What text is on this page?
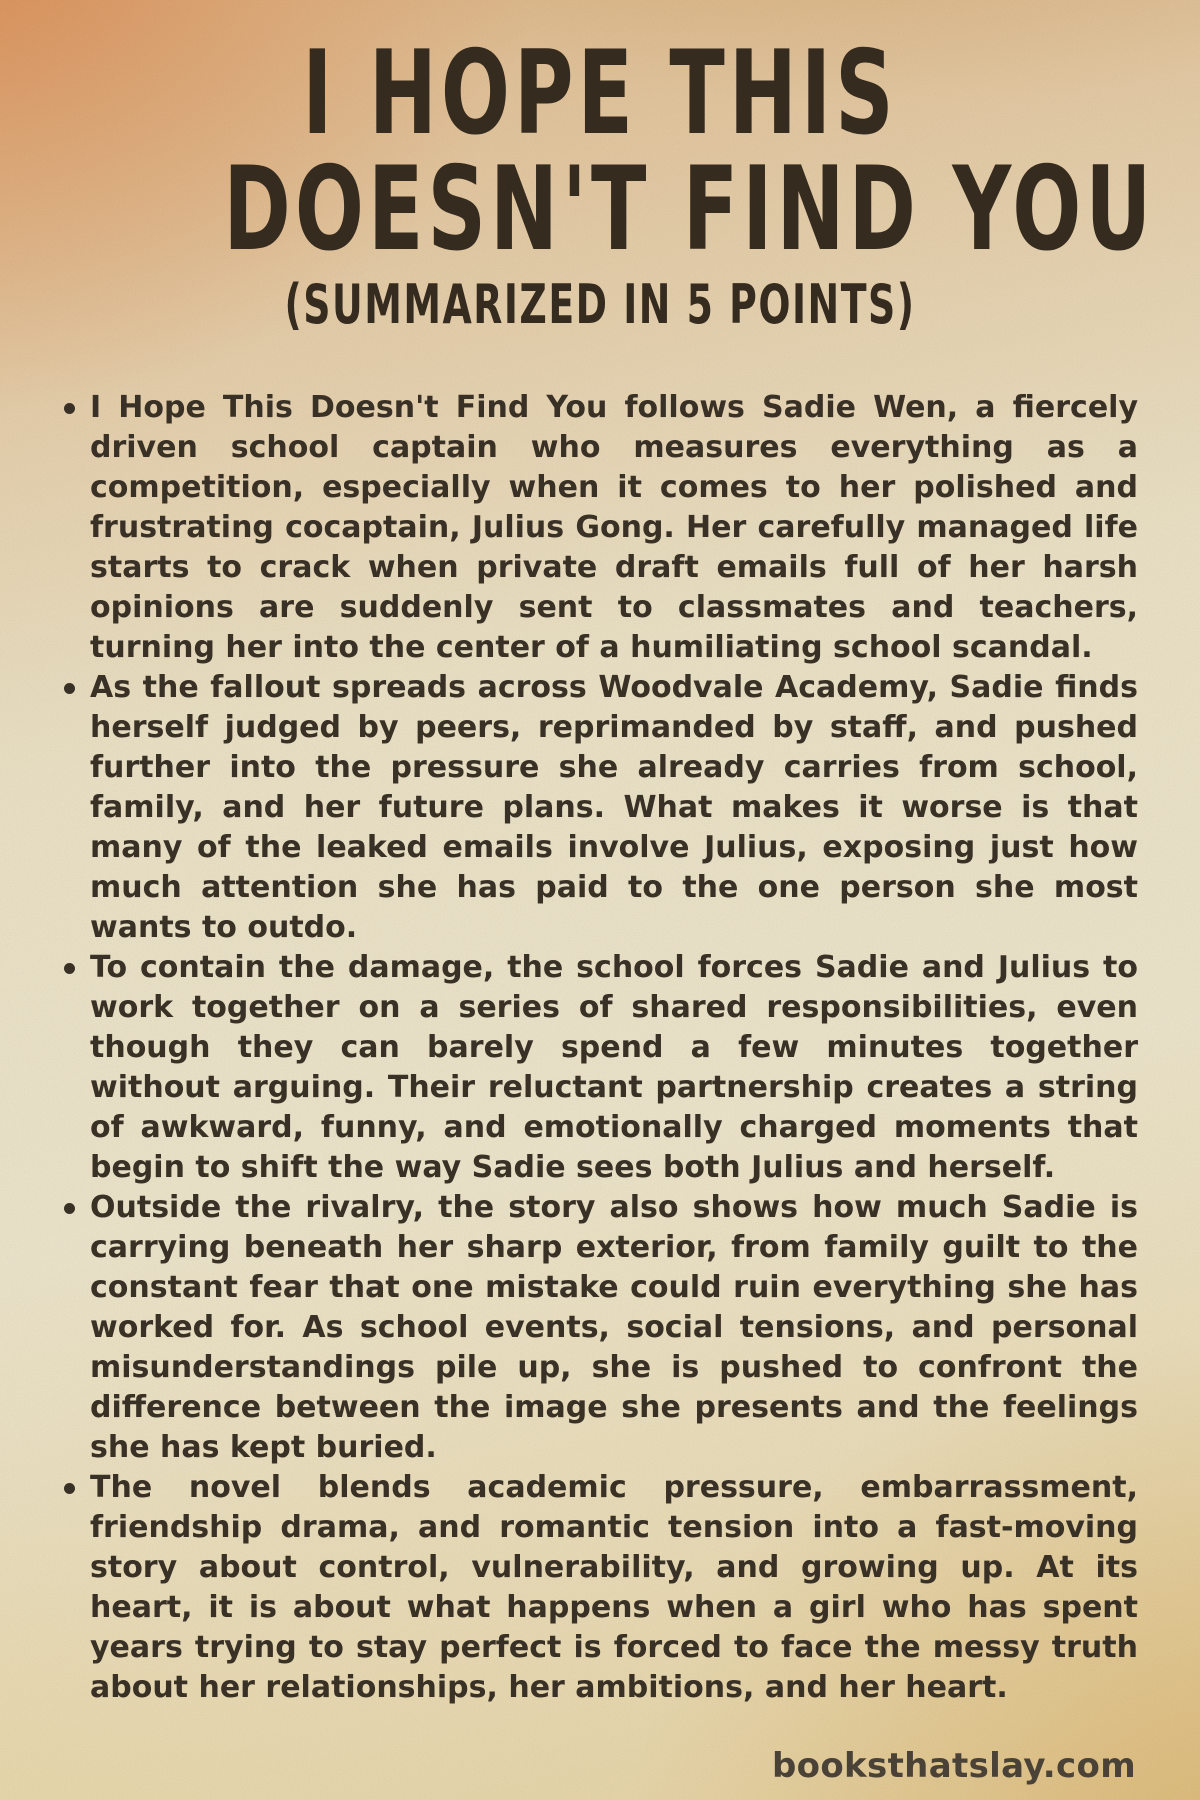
I HOPE THIS
DOESN'T FIND YOU
(SUMMARIZED IN 5 POINTS)
I Hope This Doesn't Find You follows Sadie Wen, a fiercely driven school captain who measures everything as a competition, especially when it comes to her polished and frustrating cocaptain, Julius Gong. Her carefully managed life starts to crack when private draft emails full of her harsh opinions are suddenly sent to classmates and teachers, turning her into the center of a humiliating school scandal.
As the fallout spreads across Woodvale Academy, Sadie finds herself judged by peers, reprimanded by staff, and pushed further into the pressure she already carries from school, family, and her future plans. What makes it worse is that many of the leaked emails involve Julius, exposing just how much attention she has paid to the one person she most wants to outdo.
To contain the damage, the school forces Sadie and Julius to work together on a series of shared responsibilities, even though they can barely spend a few minutes together without arguing. Their reluctant partnership creates a string of awkward, funny, and emotionally charged moments that begin to shift the way Sadie sees both Julius and herself.
Outside the rivalry, the story also shows how much Sadie is carrying beneath her sharp exterior, from family guilt to the constant fear that one mistake could ruin everything she has worked for. As school events, social tensions, and personal misunderstandings pile up, she is pushed to confront the difference between the image she presents and the feelings she has kept buried.
The novel blends academic pressure, embarrassment, friendship drama, and romantic tension into a fast-moving story about control, vulnerability, and growing up. At its heart, it is about what happens when a girl who has spent years trying to stay perfect is forced to face the messy truth about her relationships, her ambitions, and her heart.
booksthatslay.com
